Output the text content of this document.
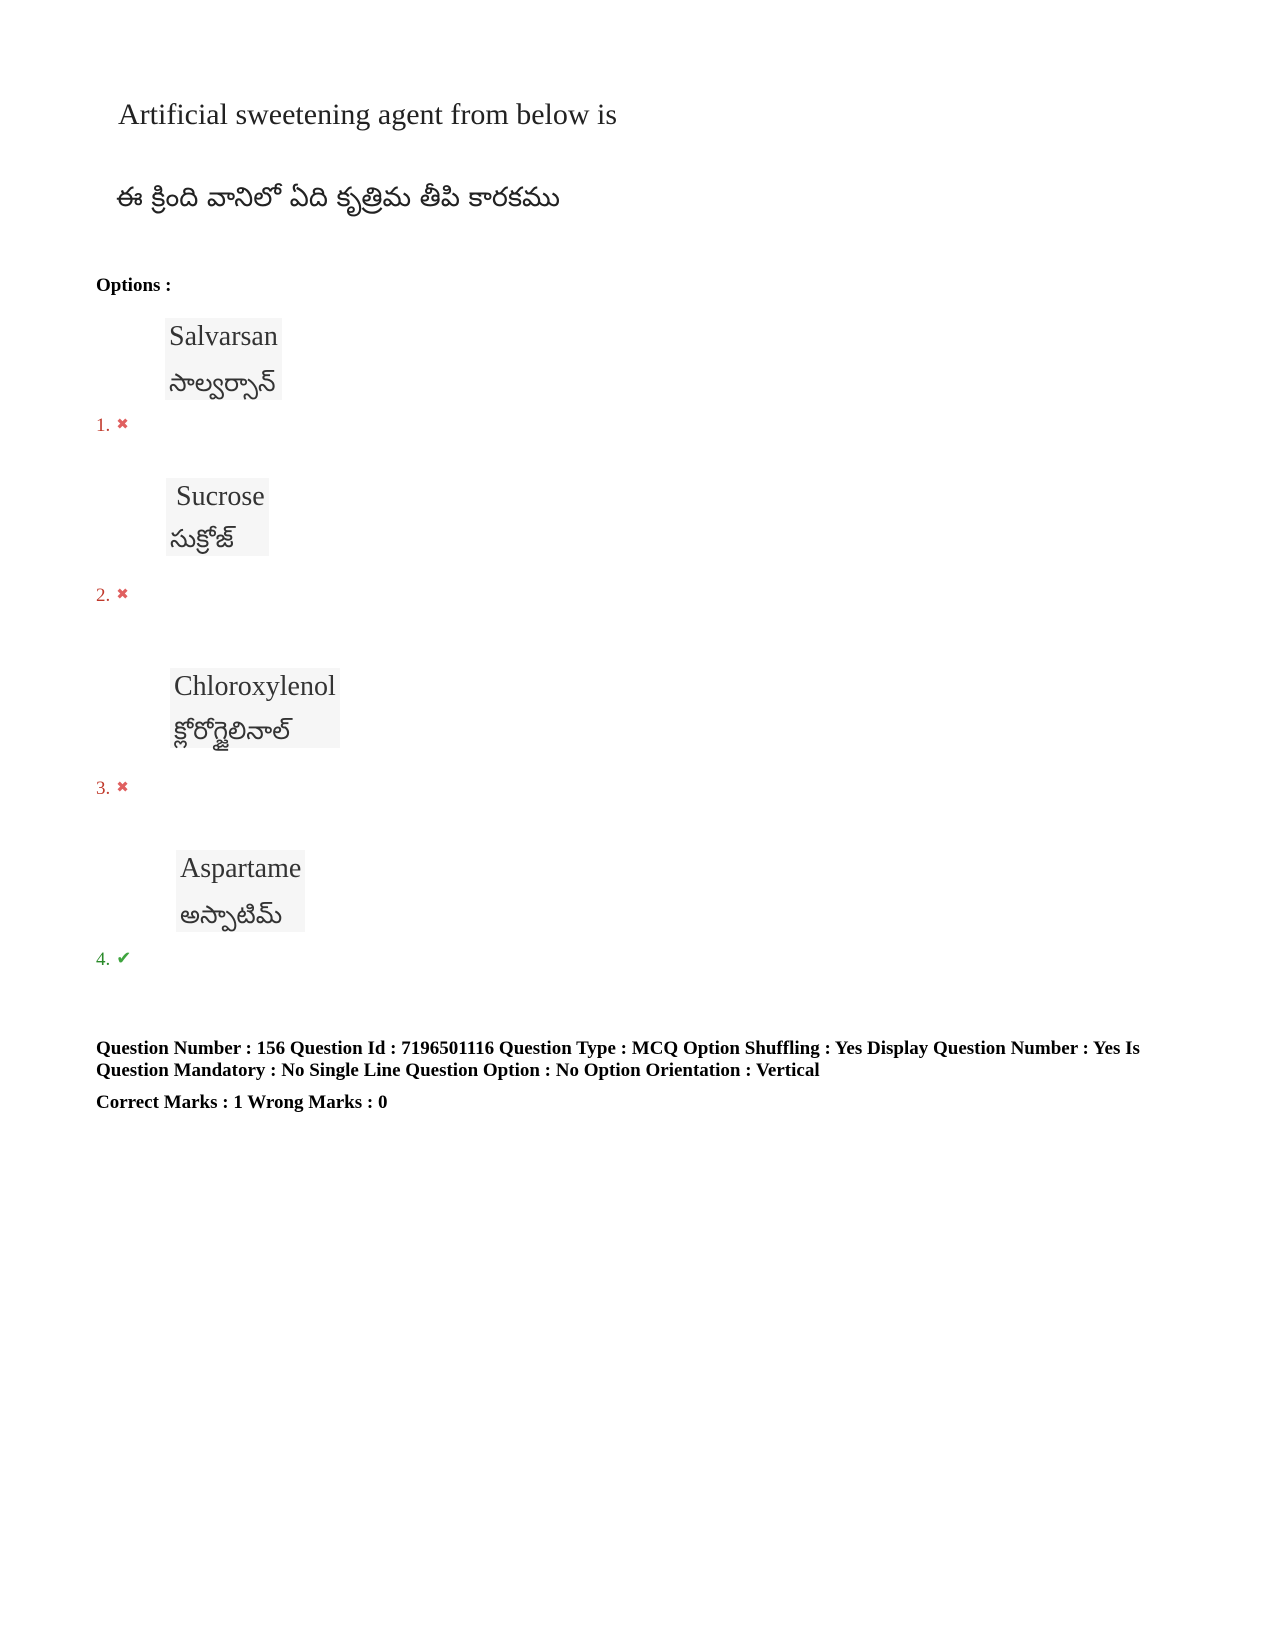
Artificial sweetening agent from below is
ఈ క్రింది వానిలో ఏది కృత్రిమ తీపి కారకము
Options :
Salvarsan
సాల్వర్సాన్
1. ✖
Sucrose
సుక్రోజ్
2. ✖
Chloroxylenol
క్లోరోగ్జైలినాల్
3. ✖
Aspartame
అస్పాటిమ్
4. ✔
Question Number : 156 Question Id : 7196501116 Question Type : MCQ Option Shuffling : Yes Display Question Number : Yes Is Question Mandatory : No Single Line Question Option : No Option Orientation : Vertical
Correct Marks : 1 Wrong Marks : 0
